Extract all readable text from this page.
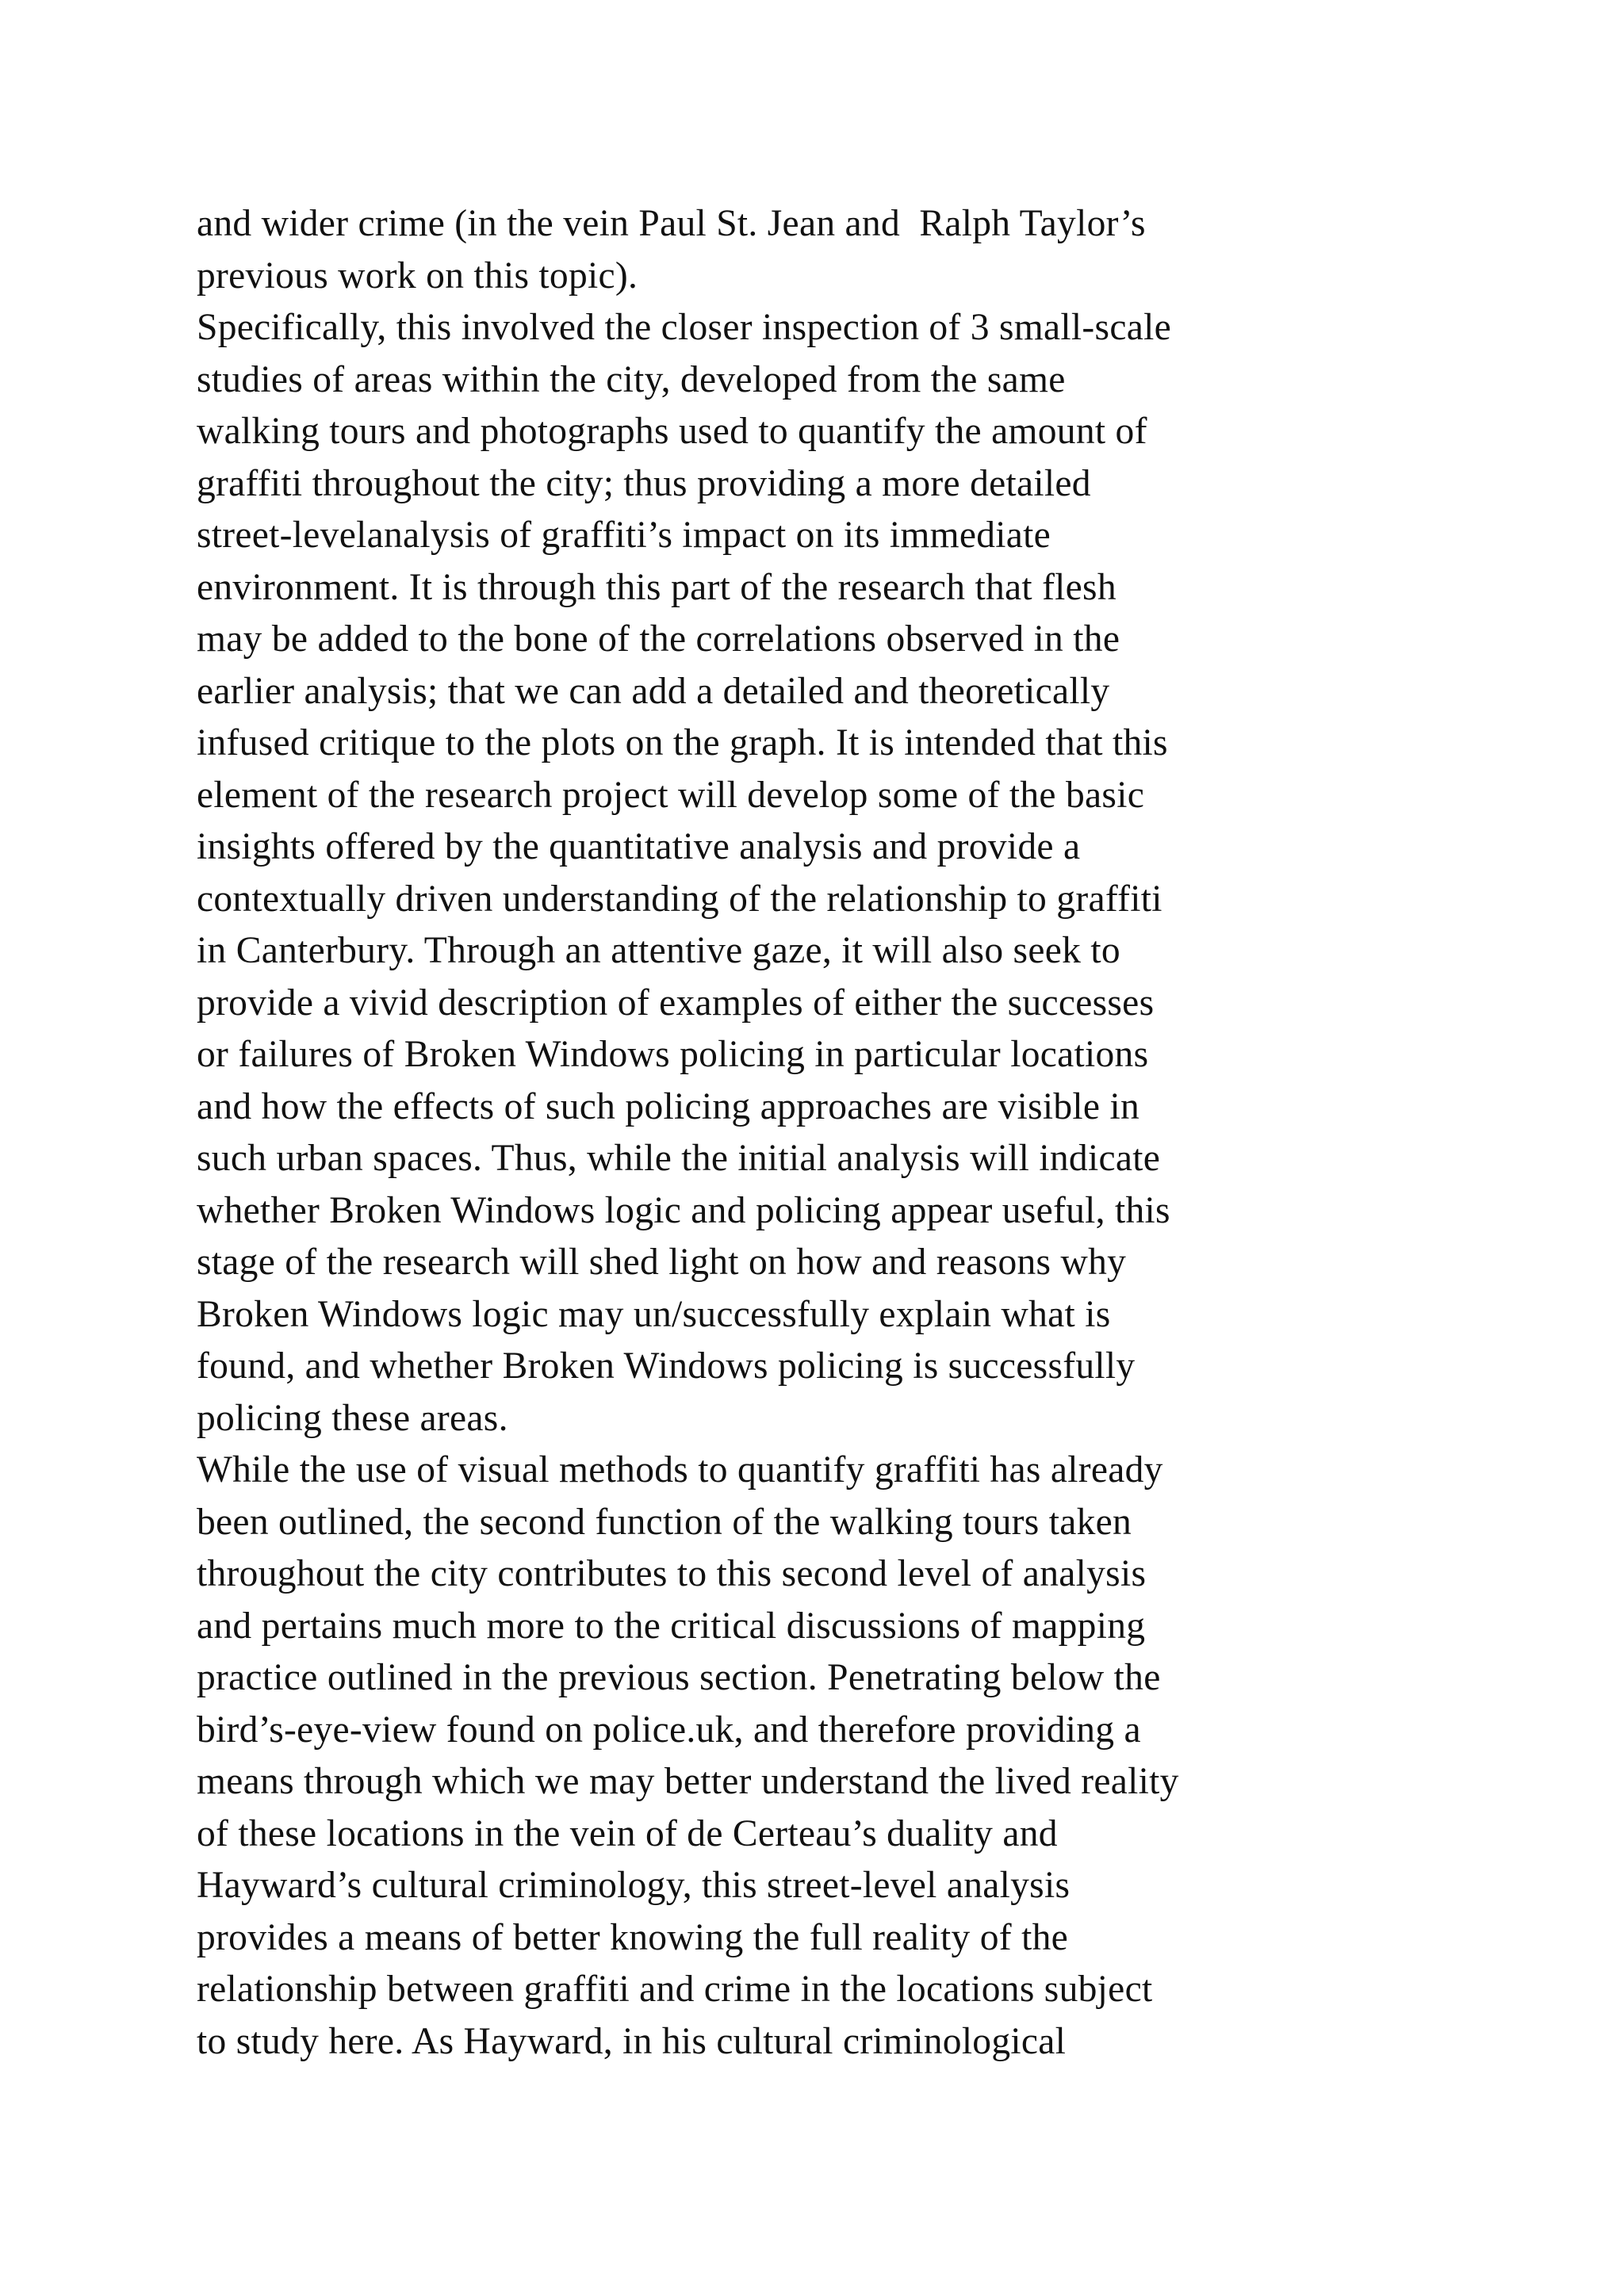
and wider crime (in the vein Paul St. Jean and  Ralph Taylor’s
previous work on this topic).
Specifically, this involved the closer inspection of 3 small-scale
studies of areas within the city, developed from the same
walking tours and photographs used to quantify the amount of
graffiti throughout the city; thus providing a more detailed
street-levelanalysis of graffiti’s impact on its immediate
environment. It is through this part of the research that flesh
may be added to the bone of the correlations observed in the
earlier analysis; that we can add a detailed and theoretically
infused critique to the plots on the graph. It is intended that this
element of the research project will develop some of the basic
insights offered by the quantitative analysis and provide a
contextually driven understanding of the relationship to graffiti
in Canterbury. Through an attentive gaze, it will also seek to
provide a vivid description of examples of either the successes
or failures of Broken Windows policing in particular locations
and how the effects of such policing approaches are visible in
such urban spaces. Thus, while the initial analysis will indicate
whether Broken Windows logic and policing appear useful, this
stage of the research will shed light on how and reasons why
Broken Windows logic may un/successfully explain what is
found, and whether Broken Windows policing is successfully
policing these areas.
While the use of visual methods to quantify graffiti has already
been outlined, the second function of the walking tours taken
throughout the city contributes to this second level of analysis
and pertains much more to the critical discussions of mapping
practice outlined in the previous section. Penetrating below the
bird’s-eye-view found on police.uk, and therefore providing a
means through which we may better understand the lived reality
of these locations in the vein of de Certeau’s duality and
Hayward’s cultural criminology, this street-level analysis
provides a means of better knowing the full reality of the
relationship between graffiti and crime in the locations subject
to study here. As Hayward, in his cultural criminological
